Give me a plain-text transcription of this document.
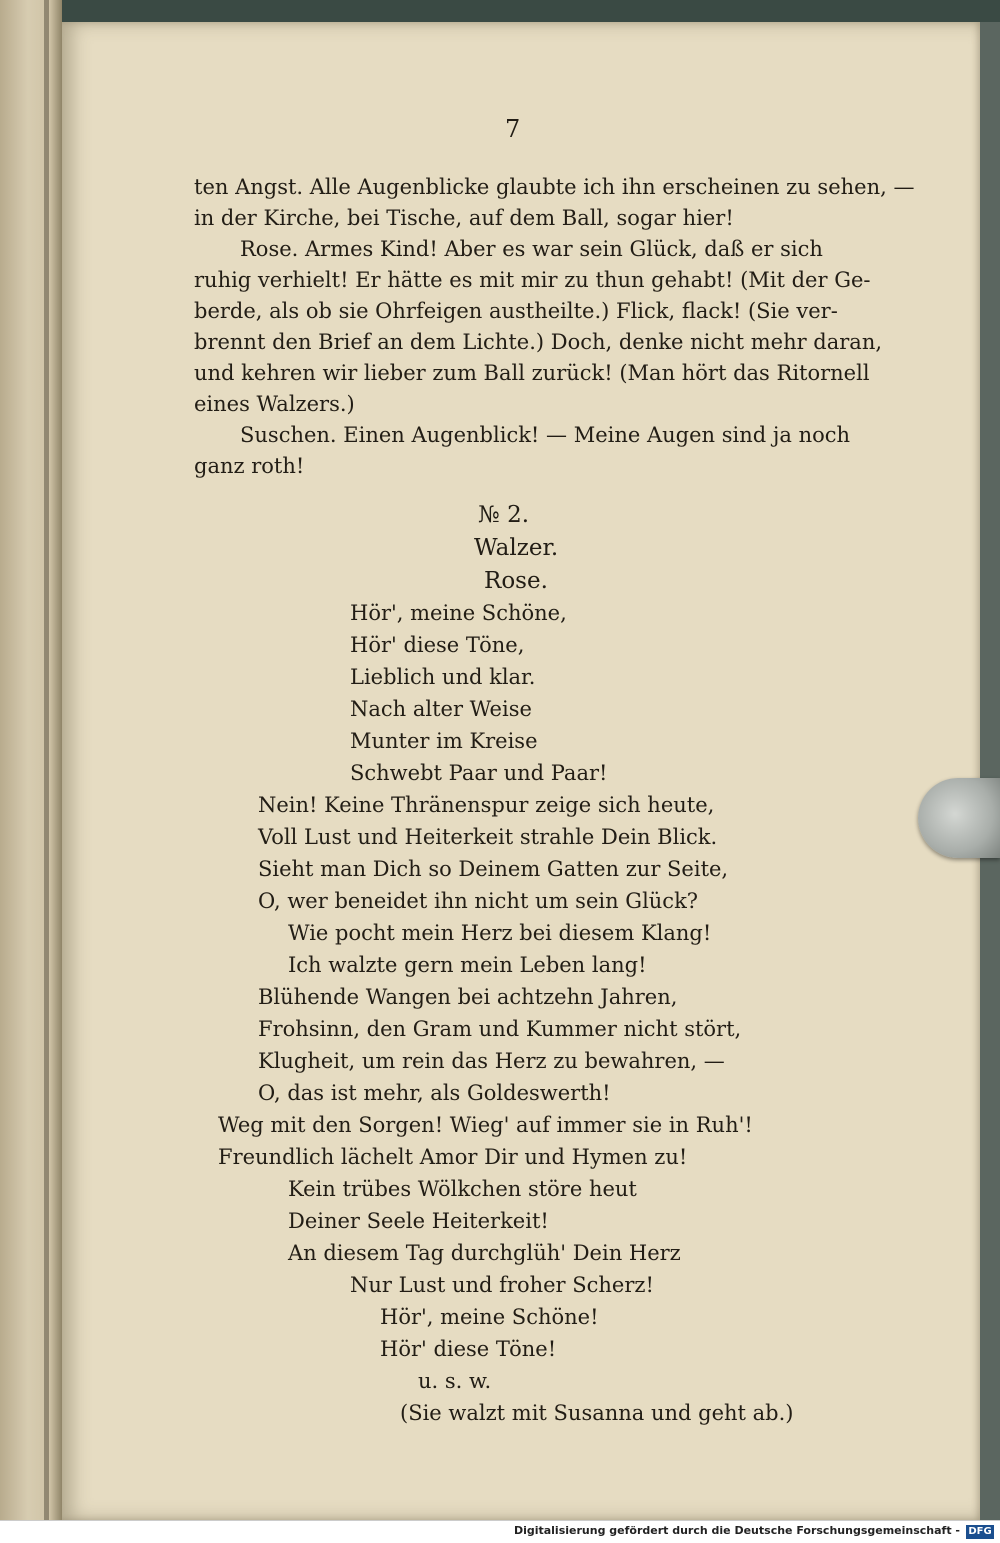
7
ten Angst. Alle Augenblicke glaubte ich ihn erscheinen zu sehen, —
in der Kirche, bei Tische, auf dem Ball, sogar hier!
Rose. Armes Kind! Aber es war sein Glück, daß er sich
ruhig verhielt! Er hätte es mit mir zu thun gehabt! (Mit der Ge-
berde, als ob sie Ohrfeigen austheilte.) Flick, flack! (Sie ver-
brennt den Brief an dem Lichte.) Doch, denke nicht mehr daran,
und kehren wir lieber zum Ball zurück! (Man hört das Ritornell
eines Walzers.)
Suschen. Einen Augenblick! — Meine Augen sind ja noch
ganz roth!
№ 2.
Walzer.
Rose.
Hör', meine Schöne,
Hör' diese Töne,
Lieblich und klar.
Nach alter Weise
Munter im Kreise
Schwebt Paar und Paar!
Nein! Keine Thränenspur zeige sich heute,
Voll Lust und Heiterkeit strahle Dein Blick.
Sieht man Dich so Deinem Gatten zur Seite,
O, wer beneidet ihn nicht um sein Glück?
Wie pocht mein Herz bei diesem Klang!
Ich walzte gern mein Leben lang!
Blühende Wangen bei achtzehn Jahren,
Frohsinn, den Gram und Kummer nicht stört,
Klugheit, um rein das Herz zu bewahren, —
O, das ist mehr, als Goldeswerth!
Weg mit den Sorgen! Wieg' auf immer sie in Ruh'!
Freundlich lächelt Amor Dir und Hymen zu!
Kein trübes Wölkchen störe heut
Deiner Seele Heiterkeit!
An diesem Tag durchglüh' Dein Herz
Nur Lust und froher Scherz!
Hör', meine Schöne!
Hör' diese Töne!
u. s. w.
(Sie walzt mit Susanna und geht ab.)
Digitalisierung gefördert durch die Deutsche Forschungsgemeinschaft - DFG
